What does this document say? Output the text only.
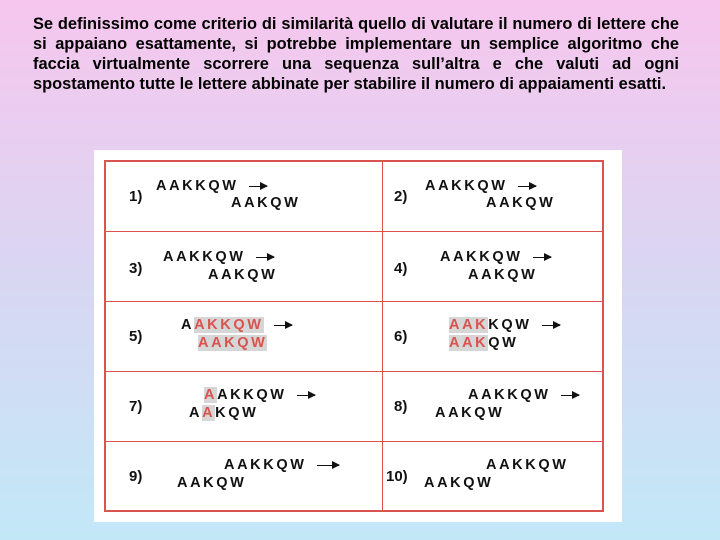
Se definissimo come criterio di similarità quello di valutare il numero di lettere che si appaiano esattamente, si potrebbe implementare un semplice algoritmo che faccia virtualmente scorrere una sequenza sull’altra e che valuti ad ogni spostamento tutte le lettere abbinate per stabilire il numero di appaiamenti esatti.

1)
AAKKQW
AAKQW	2)
AAKKQW
AAKQW
3)
AAKKQW
AAKQW	4)
AAKKQW
AAKQW
5)
AAKKQW
AAKQW	6)
AAKKQW
AAKQW
7)
AAKKQW
AAKQW	8)
AAKKQW
AAKQW
9)
AAKKQW
AAKQW	10)
AAKKQW
AAKQW
